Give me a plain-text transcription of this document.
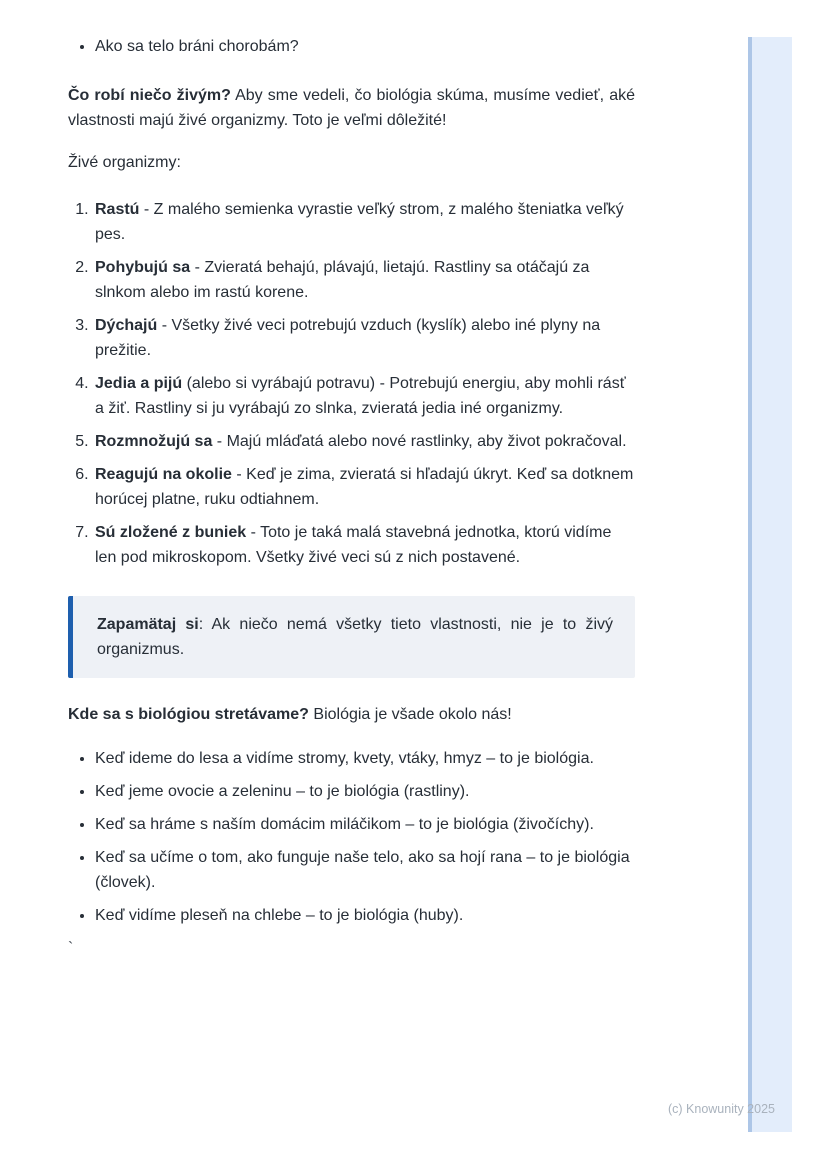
• Ako sa telo bráni chorobám?

Čo robí niečo živým? Aby sme vedeli, čo biológia skúma, musíme vedieť, aké vlastnosti majú živé organizmy. Toto je veľmi dôležité!

Živé organizmy:

1. Rastú - Z malého semienka vyrastie veľký strom, z malého šteniatka veľký pes.
2. Pohybujú sa - Zvieratá behajú, plávajú, lietajú. Rastliny sa otáčajú za slnkom alebo im rastú korene.
3. Dýchajú - Všetky živé veci potrebujú vzduch (kyslík) alebo iné plyny na prežitie.
4. Jedia a pijú (alebo si vyrábajú potravu) - Potrebujú energiu, aby mohli rásť a žiť. Rastliny si ju vyrábajú zo slnka, zvieratá jedia iné organizmy.
5. Rozmnožujú sa - Majú mláďatá alebo nové rastlinky, aby život pokračoval.
6. Reagujú na okolie - Keď je zima, zvieratá si hľadajú úkryt. Keď sa dotknem horúcej platne, ruku odtiahnem.
7. Sú zložené z buniek - Toto je taká malá stavebná jednotka, ktorú vidíme len pod mikroskopom. Všetky živé veci sú z nich postavené.
Zapamätaj si: Ak niečo nemá všetky tieto vlastnosti, nie je to živý organizmus.

Kde sa s biológiou stretávame? Biológia je všade okolo nás!

• Keď ideme do lesa a vidíme stromy, kvety, vtáky, hmyz – to je biológia.
• Keď jeme ovocie a zeleninu – to je biológia (rastliny).
• Keď sa hráme s naším domácim miláčikom – to je biológia (živočíchy).
• Keď sa učíme o tom, ako funguje naše telo, ako sa hojí rana – to je biológia (človek).
• Keď vidíme pleseň na chlebe – to je biológia (huby).
`
(c) Knowunity 2025
